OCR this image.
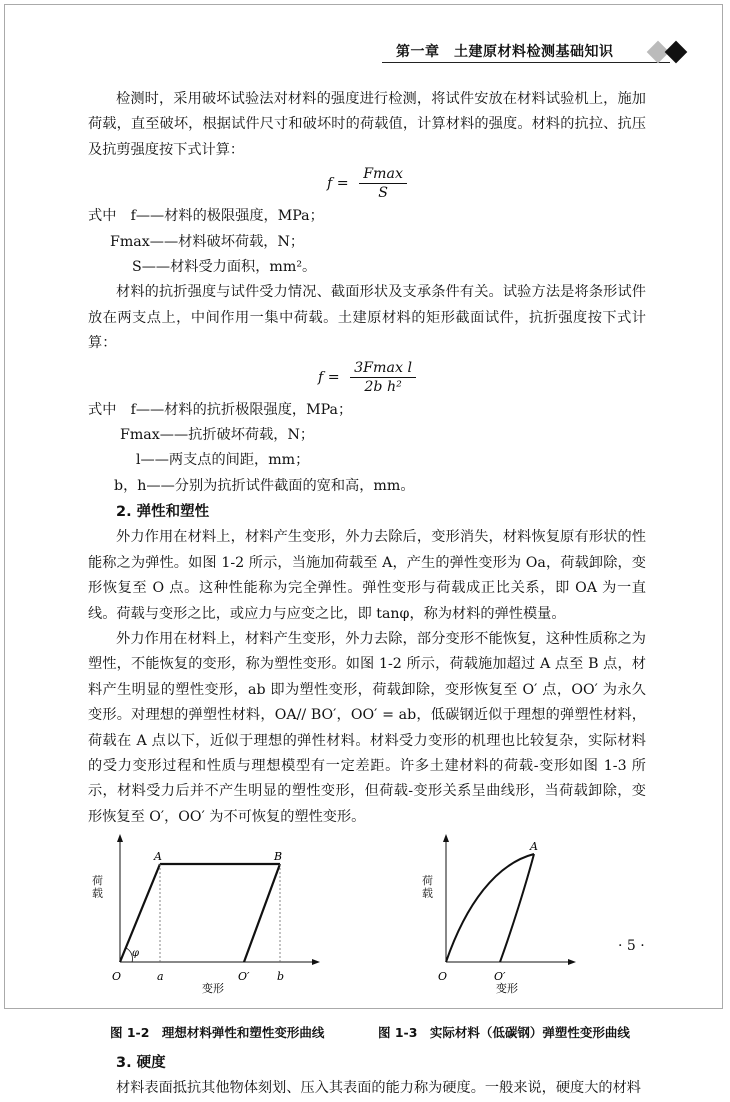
第一章　土建原材料检测基础知识

检测时，采用破坏试验法对材料的强度进行检测，将试件安放在材料试验机上，施加荷载，直至破坏，根据试件尺寸和破坏时的荷载值，计算材料的强度。材料的抗拉、抗压及抗剪强度按下式计算：

$f = \frac{Fmax}{S}$

式中　f——材料的极限强度，MPa；

Fmax——材料破坏荷载，N；

S——材料受力面积，mm²。

材料的抗折强度与试件受力情况、截面形状及支承条件有关。试验方法是将条形试件放在两支点上，中间作用一集中荷载。土建原材料的矩形截面试件，抗折强度按下式计算：

$f = \frac{\text{3Fmax l}}{\text{2b h²}}$

式中　f——材料的抗折极限强度，MPa；

Fmax——抗折破坏荷载，N；

l——两支点的间距，mm；

b，h——分别为抗折试件截面的宽和高，mm。

2. 弹性和塑性

外力作用在材料上，材料产生变形，外力去除后，变形消失，材料恢复原有形状的性能称之为弹性。如图 1-2 所示，当施加荷载至 A，产生的弹性变形为 Oa，荷载卸除，变形恢复至 O 点。这种性能称为完全弹性。弹性变形与荷载成正比关系，即 OA 为一直线。荷载与变形之比，或应力与应变之比，即 tanφ，称为材料的弹性模量。

外力作用在材料上，材料产生变形，外力去除，部分变形不能恢复，这种性质称之为塑性，不能恢复的变形，称为塑性变形。如图 1-2 所示，荷载施加超过 A 点至 B 点，材料产生明显的塑性变形，ab 即为塑性变形，荷载卸除，变形恢复至 O′ 点，OO′ 为永久变形。对理想的弹塑性材料，OA// BO′，OO′ = ab，低碳钢近似于理想的弹塑性材料，荷载在 A 点以下，近似于理想的弹性材料。材料受力变形的机理也比较复杂，实际材料的受力变形过程和性质与理想模型有一定差距。许多土建材料的荷载-变形如图 1-3 所示，材料受力后并不产生明显的塑性变形，但荷载-变形关系呈曲线形，当荷载卸除，变形恢复至 O′，OO′ 为不可恢复的塑性变形。

A	B
φ
O	a	O′ b
变形
荷载
A
O	O′
变形
荷载
图 1-2　理想材料弹性和塑性变形曲线	图 1-3　实际材料（低碳钢）弹塑性变形曲线
3. 硬度

材料表面抵抗其他物体刻划、压入其表面的能力称为硬度。一般来说，硬度大的材料

· 5 ·
